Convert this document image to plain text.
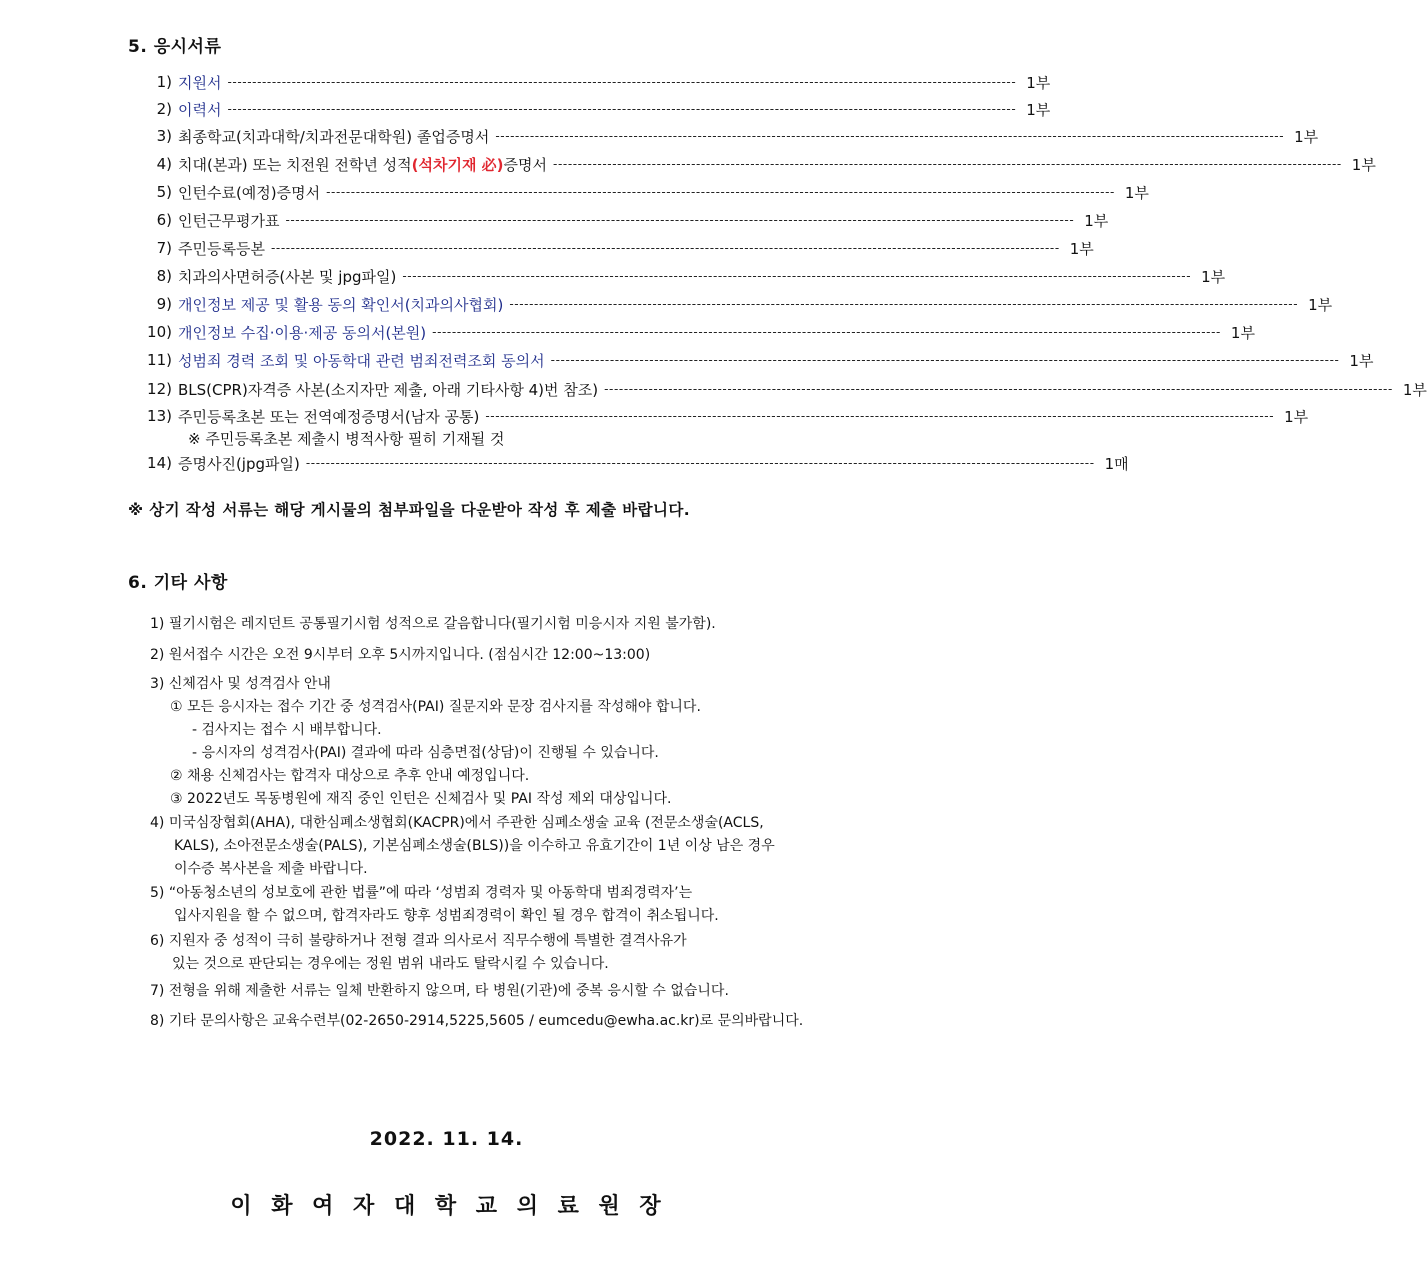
5. 응시서류
1) 지원서 ---------------------------------------------------------------------------------------------------------------------------------------------------------------- 1부
2) 이력서 ---------------------------------------------------------------------------------------------------------------------------------------------------------------- 1부
3) 최종학교(치과대학/치과전문대학원) 졸업증명서 ---------------------------------------------------------------------------------------------------------------------------------------------------------------- 1부
4) 치대(본과) 또는 치전원 전학년 성적(석차기재 必)증명서 ---------------------------------------------------------------------------------------------------------------------------------------------------------------- 1부
5) 인턴수료(예정)증명서 ---------------------------------------------------------------------------------------------------------------------------------------------------------------- 1부
6) 인턴근무평가표 ---------------------------------------------------------------------------------------------------------------------------------------------------------------- 1부
7) 주민등록등본 ---------------------------------------------------------------------------------------------------------------------------------------------------------------- 1부
8) 치과의사면허증(사본 및 jpg파일) ---------------------------------------------------------------------------------------------------------------------------------------------------------------- 1부
9) 개인정보 제공 및 활용 동의 확인서(치과의사협회) ---------------------------------------------------------------------------------------------------------------------------------------------------------------- 1부
10) 개인정보 수집·이용·제공 동의서(본원) ---------------------------------------------------------------------------------------------------------------------------------------------------------------- 1부
11) 성범죄 경력 조회 및 아동학대 관련 범죄전력조회 동의서 ---------------------------------------------------------------------------------------------------------------------------------------------------------------- 1부
12) BLS(CPR)자격증 사본(소지자만 제출, 아래 기타사항 4)번 참조) ---------------------------------------------------------------------------------------------------------------------------------------------------------------- 1부
13) 주민등록초본 또는 전역예정증명서(남자 공통) ---------------------------------------------------------------------------------------------------------------------------------------------------------------- 1부
※ 주민등록초본 제출시 병적사항 필히 기재될 것
14) 증명사진(jpg파일) ---------------------------------------------------------------------------------------------------------------------------------------------------------------- 1매
※ 상기 작성 서류는 해당 게시물의 첨부파일을 다운받아 작성 후 제출 바랍니다.
6. 기타 사항
1) 필기시험은 레지던트 공통필기시험 성적으로 갈음합니다(필기시험 미응시자 지원 불가함).
2) 원서접수 시간은 오전 9시부터 오후 5시까지입니다. (점심시간 12:00~13:00)
3) 신체검사 및 성격검사 안내
① 모든 응시자는 접수 기간 중 성격검사(PAI) 질문지와 문장 검사지를 작성해야 합니다.
- 검사지는 접수 시 배부합니다.
- 응시자의 성격검사(PAI) 결과에 따라 심층면접(상담)이 진행될 수 있습니다.
② 채용 신체검사는 합격자 대상으로 추후 안내 예정입니다.
③ 2022년도 목동병원에 재직 중인 인턴은 신체검사 및 PAI 작성 제외 대상입니다.
4) 미국심장협회(AHA), 대한심폐소생협회(KACPR)에서 주관한 심폐소생술 교육 (전문소생술(ACLS,
KALS), 소아전문소생술(PALS), 기본심폐소생술(BLS))을 이수하고 유효기간이 1년 이상 남은 경우
이수증 복사본을 제출 바랍니다.
5) “아동청소년의 성보호에 관한 법률”에 따라 ‘성범죄 경력자 및 아동학대 범죄경력자’는
입사지원을 할 수 없으며, 합격자라도 향후 성범죄경력이 확인 될 경우 합격이 취소됩니다.
6) 지원자 중 성적이 극히 불량하거나 전형 결과 의사로서 직무수행에 특별한 결격사유가
있는 것으로 판단되는 경우에는 정원 범위 내라도 탈락시킬 수 있습니다.
7) 전형을 위해 제출한 서류는 일체 반환하지 않으며, 타 병원(기관)에 중복 응시할 수 없습니다.
8) 기타 문의사항은 교육수련부(02-2650-2914,5225,5605 / eumcedu@ewha.ac.kr)로 문의바랍니다.
2022. 11. 14.
이 화 여 자 대 학 교 의 료 원 장
